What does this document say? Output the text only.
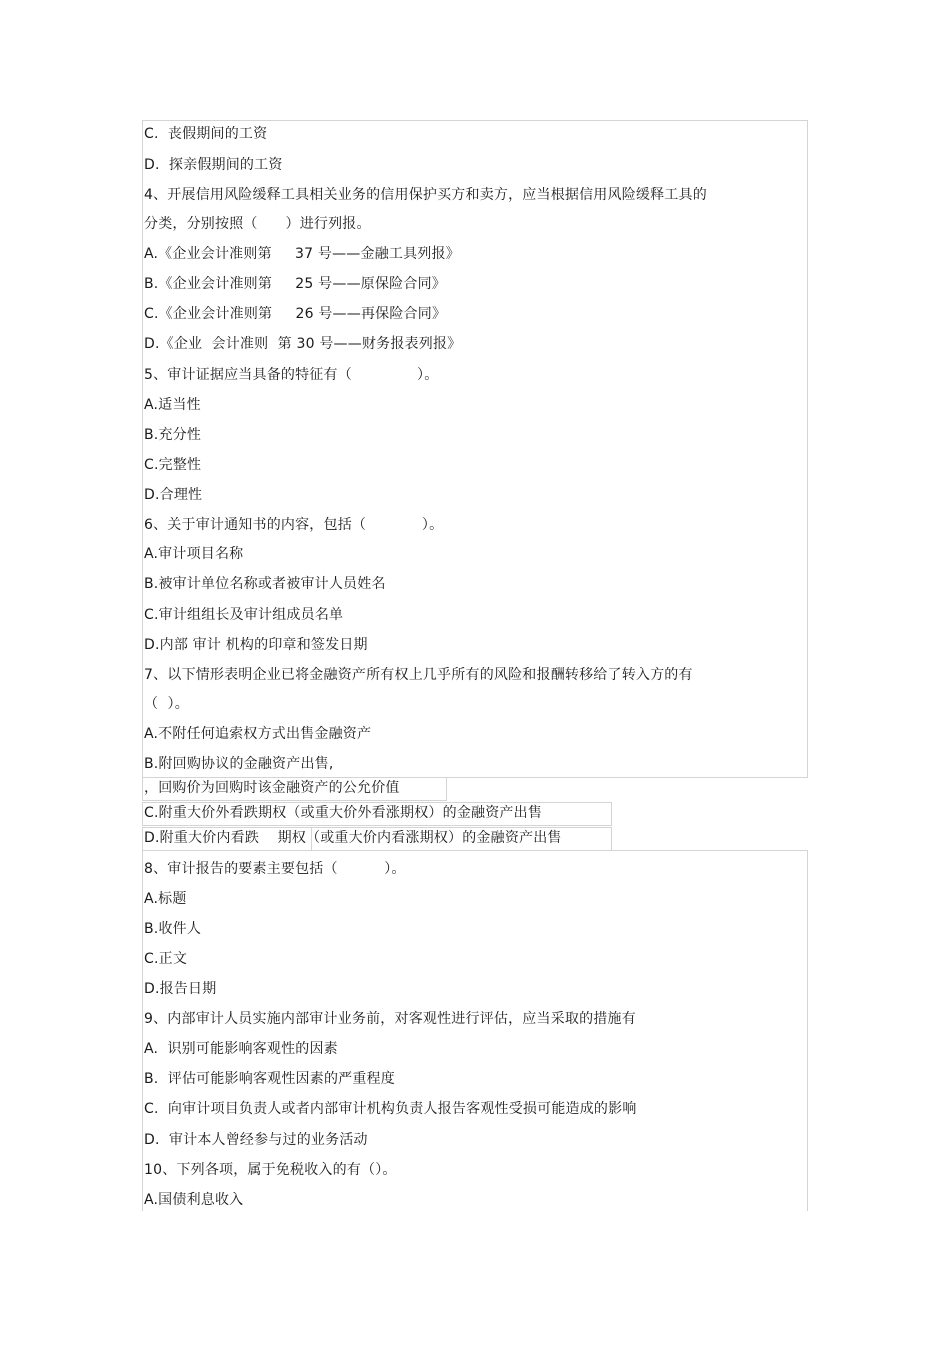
C.  丧假期间的工资
D.  探亲假期间的工资
4、开展信用风险缓释工具相关业务的信用保护买方和卖方，应当根据信用风险缓释工具的
分类，分别按照（      ）进行列报。
A.《企业会计准则第     37 号——金融工具列报》
B.《企业会计准则第     25 号——原保险合同》
C.《企业会计准则第     26 号——再保险合同》
D.《企业  会计准则  第 30 号——财务报表列报》
5、审计证据应当具备的特征有（              ）。
A.适当性
B.充分性
C.完整性
D.合理性
6、关于审计通知书的内容，包括（            ）。
A.审计项目名称
B.被审计单位名称或者被审计人员姓名
C.审计组组长及审计组成员名单
D.内部 审计 机构的印章和签发日期
7、以下情形表明企业已将金融资产所有权上几乎所有的风险和报酬转移给了转入方的有
（  ）。
A.不附任何追索权方式出售金融资产
B.附回购协议的金融资产出售,
，回购价为回购时该金融资产的公允价值
C.附重大价外看跌期权（或重大价外看涨期权）的金融资产出售
D.附重大价内看跌    期权（或重大价内看涨期权）的金融资产出售
8、审计报告的要素主要包括（          ）。
A.标题
B.收件人
C.正文
D.报告日期
9、内部审计人员实施内部审计业务前，对客观性进行评估，应当采取的措施有
A.  识别可能影响客观性的因素
B.  评估可能影响客观性因素的严重程度
C.  向审计项目负责人或者内部审计机构负责人报告客观性受损可能造成的影响
D.  审计本人曾经参与过的业务活动
10、下列各项，属于免税收入的有（）。
A.国债利息收入
